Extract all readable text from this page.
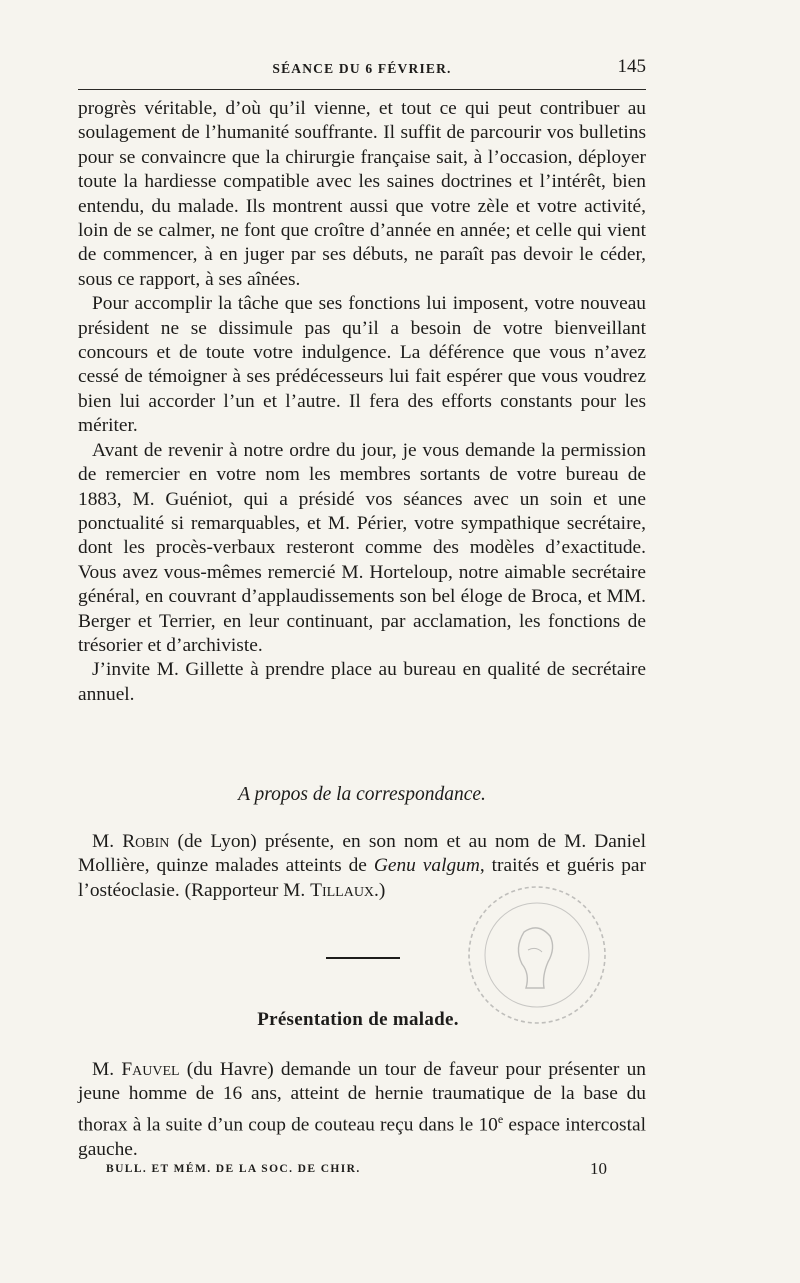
SÉANCE DU 6 FÉVRIER.	145

progrès véritable, d’où qu’il vienne, et tout ce qui peut contribuer au soulagement de l’humanité souffrante. Il suffit de parcourir vos bulletins pour se convaincre que la chirurgie française sait, à l’occasion, déployer toute la hardiesse compatible avec les saines doctrines et l’intérêt, bien entendu, du malade. Ils montrent aussi que votre zèle et votre activité, loin de se calmer, ne font que croître d’année en année; et celle qui vient de commencer, à en juger par ses débuts, ne paraît pas devoir le céder, sous ce rapport, à ses aînées.

Pour accomplir la tâche que ses fonctions lui imposent, votre nouveau président ne se dissimule pas qu’il a besoin de votre bienveillant concours et de toute votre indulgence. La déférence que vous n’avez cessé de témoigner à ses prédécesseurs lui fait espérer que vous voudrez bien lui accorder l’un et l’autre. Il fera des efforts constants pour les mériter.

Avant de revenir à notre ordre du jour, je vous demande la permission de remercier en votre nom les membres sortants de votre bureau de 1883, M. Guéniot, qui a présidé vos séances avec un soin et une ponctualité si remarquables, et M. Périer, votre sympathique secrétaire, dont les procès-verbaux resteront comme des modèles d’exactitude. Vous avez vous-mêmes remercié M. Horteloup, notre aimable secrétaire général, en couvrant d’applaudissements son bel éloge de Broca, et MM. Berger et Terrier, en leur continuant, par acclamation, les fonctions de trésorier et d’archiviste.

J’invite M. Gillette à prendre place au bureau en qualité de secrétaire annuel.

A propos de la correspondance.

M. Robin (de Lyon) présente, en son nom et au nom de M. Daniel Mollière, quinze malades atteints de Genu valgum, traités et guéris par l’ostéoclasie. (Rapporteur M. Tillaux.)

Présentation de malade.

M. Fauvel (du Havre) demande un tour de faveur pour présenter un jeune homme de 16 ans, atteint de hernie traumatique de la base du thorax à la suite d’un coup de couteau reçu dans le 10e espace intercostal gauche.

BULL. ET MÉM. DE LA SOC. DE CHIR.	10
